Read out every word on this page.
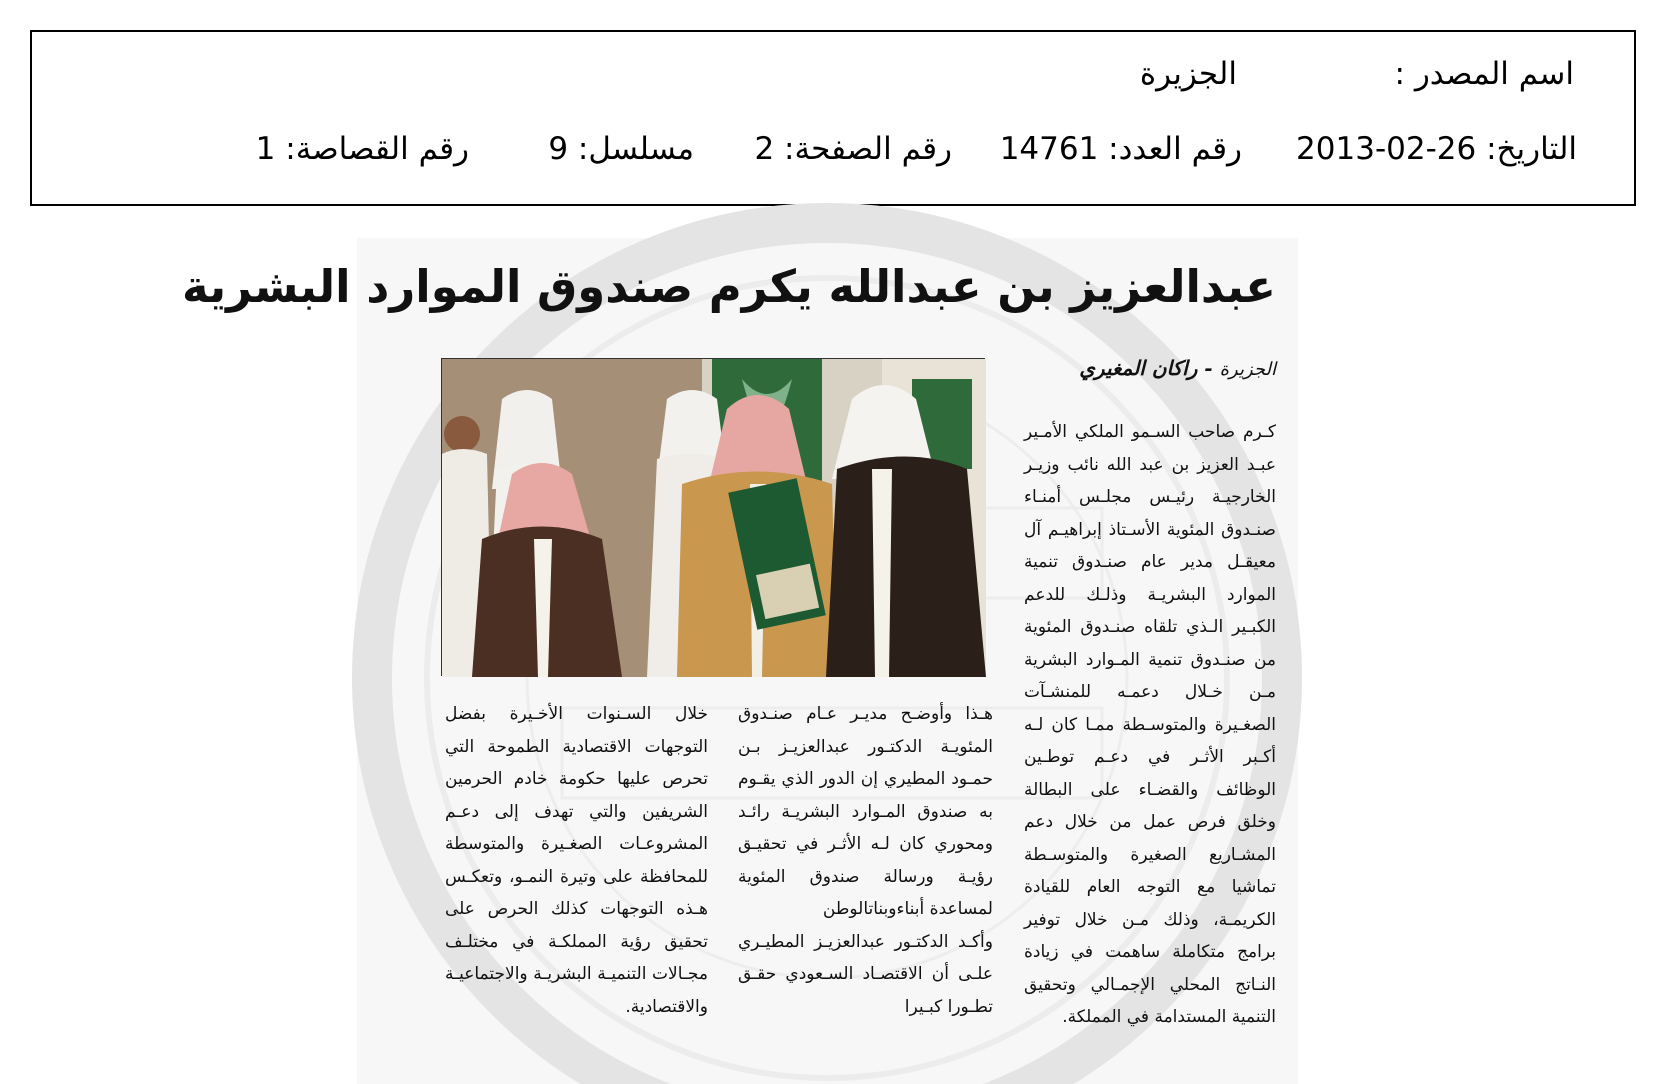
اسم المصدر :
الجزيرة
التاريخ: 26-02-2013
رقم العدد: 14761
رقم الصفحة: 2
مسلسل: 9
رقم القصاصة: 1
عبدالعزيز بن عبدالله يكرم صندوق الموارد البشرية
الجزيرة - راكان المغيري

كـرم صاحب السـمو الملكي الأمـير عبـد العزيز بن عبد الله نائب وزيـر الخارجيـة رئيـس مجلـس أمنـاء صنـدوق المئوية الأسـتاذ إبراهيـم آل معيقـل مدير عام صنـدوق تنمية الموارد البشريـة وذلـك للدعم الكبـير الـذي تلقاه صنـدوق المئوية من صنـدوق تنمية المـوارد البشرية مـن خـلال دعمـه للمنشـآت الصغـيرة والمتوسـطة ممـا كان لـه أكـبر الأثـر في دعـم توطـين الوظائف والقضـاء على البطالة وخلق فرص عمل من خلال دعم المشـاريع الصغيرة والمتوسـطة تماشيا مع التوجه العام للقيادة الكريمـة، وذلك مـن خلال توفير برامج متكاملة ساهمت في زيادة النـاتج المحلي الإجمـالي وتحقيق التنمية المستدامة في المملكة.

هـذا وأوضـح مديـر عـام صنـدوق المئويـة الدكتـور عبدالعزيـز بـن حمـود المطيري إن الدور الذي يقـوم به صندوق المـوارد البشريـة رائـد ومحوري كان لـه الأثـر في تحقيـق رؤيـة ورسالة صندوق المئوية لمساعدة أبناءوبناتالوطن

وأكـد الدكتـور عبدالعزيـز المطيـري علـى أن الاقتصـاد السـعودي حقـق تطـورا كبـيرا

خلال السـنوات الأخـيرة بفضل التوجهات الاقتصادية الطموحة التي تحرص عليها حكومة خادم الحرمين الشريفين والتي تهدف إلى دعـم المشروعـات الصغـيرة والمتوسطة للمحافظة على وتيرة النمـو، وتعكـس هـذه التوجهات كذلك الحرص على تحقيق رؤية المملكـة في مختلـف مجـالات التنميـة البشريـة والاجتماعيـة والاقتصادية.
